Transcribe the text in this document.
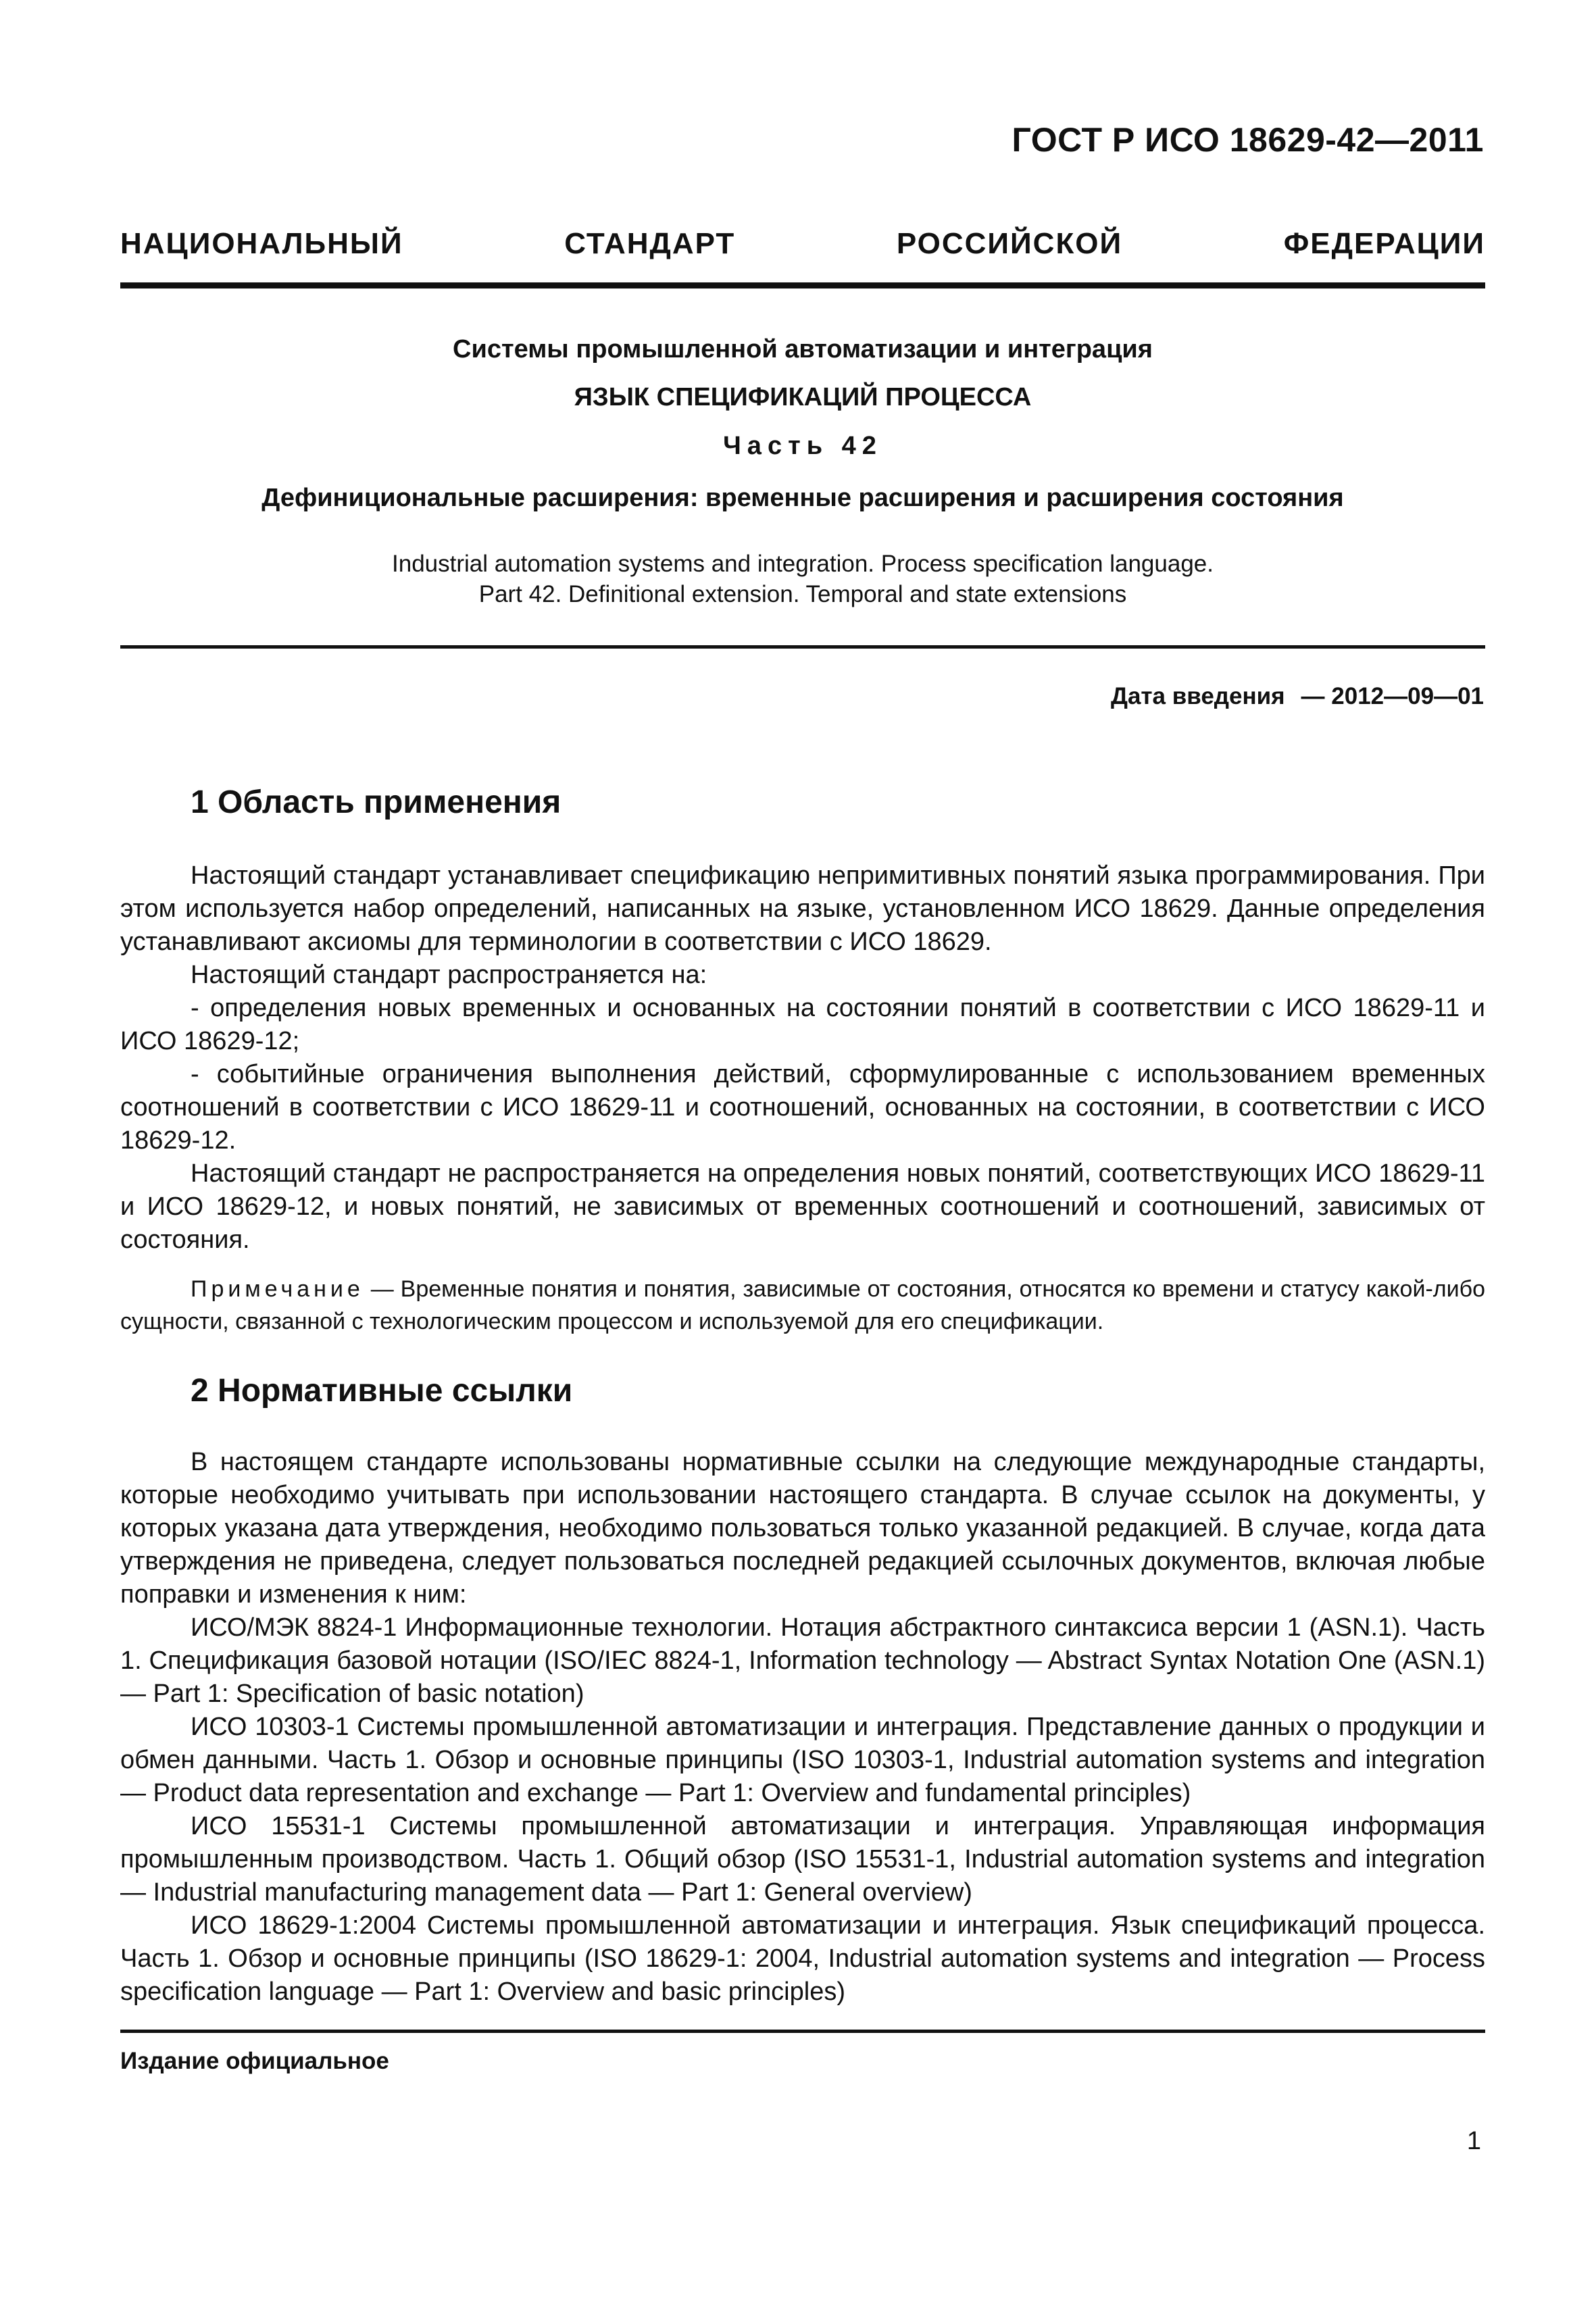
ГОСТ Р ИСО 18629-42—2011
НАЦИОНАЛЬНЫЙ СТАНДАРТ РОССИЙСКОЙ ФЕДЕРАЦИИ
Системы промышленной автоматизации и интеграция
ЯЗЫК СПЕЦИФИКАЦИЙ ПРОЦЕССА
Часть 42
Дефинициональные расширения: временные расширения и расширения состояния
Industrial automation systems and integration. Process specification language.
Part 42. Definitional extension. Temporal and state extensions
Дата введения — 2012—09—01
1 Область применения

Настоящий стандарт устанавливает спецификацию непримитивных понятий языка программирования. При этом используется набор определений, написанных на языке, установленном ИСО 18629. Данные определения устанавливают аксиомы для терминологии в соответствии с ИСО 18629.

Настоящий стандарт распространяется на:

- определения новых временных и основанных на состоянии понятий в соответствии с ИСО 18629-11 и ИСО 18629-12;

- событийные ограничения выполнения действий, сформулированные с использованием временных соотношений в соответствии с ИСО 18629-11 и соотношений, основанных на состоянии, в соответствии с ИСО 18629-12.

Настоящий стандарт не распространяется на определения новых понятий, соответствующих ИСО 18629-11 и ИСО 18629-12, и новых понятий, не зависимых от временных соотношений и соотношений, зависимых от состояния.

Примечание — Временные понятия и понятия, зависимые от состояния, относятся ко времени и статусу какой-либо сущности, связанной с технологическим процессом и используемой для его спецификации.

2 Нормативные ссылки

В настоящем стандарте использованы нормативные ссылки на следующие международные стандарты, которые необходимо учитывать при использовании настоящего стандарта. В случае ссылок на документы, у которых указана дата утверждения, необходимо пользоваться только указанной редакцией. В случае, когда дата утверждения не приведена, следует пользоваться последней редакцией ссылочных документов, включая любые поправки и изменения к ним:

ИСО/МЭК 8824-1 Информационные технологии. Нотация абстрактного синтаксиса версии 1 (ASN.1). Часть 1. Спецификация базовой нотации (ISO/IEC 8824-1, Information technology — Abstract Syntax Notation One (ASN.1) — Part 1: Specification of basic notation)

ИСО 10303-1 Системы промышленной автоматизации и интеграция. Представление данных о продукции и обмен данными. Часть 1. Обзор и основные принципы (ISO 10303-1, Industrial automation systems and integration — Product data representation and exchange — Part 1: Overview and fundamental principles)

ИСО 15531-1 Системы промышленной автоматизации и интеграция. Управляющая информация промышленным производством. Часть 1. Общий обзор (ISO 15531-1, Industrial automation systems and integration — Industrial manufacturing management data — Part 1: General overview)

ИСО 18629-1:2004 Системы промышленной автоматизации и интеграция. Язык спецификаций процесса. Часть 1. Обзор и основные принципы (ISO 18629-1: 2004, Industrial automation systems and integration — Process specification language — Part 1: Overview and basic principles)

Издание официальное
1
